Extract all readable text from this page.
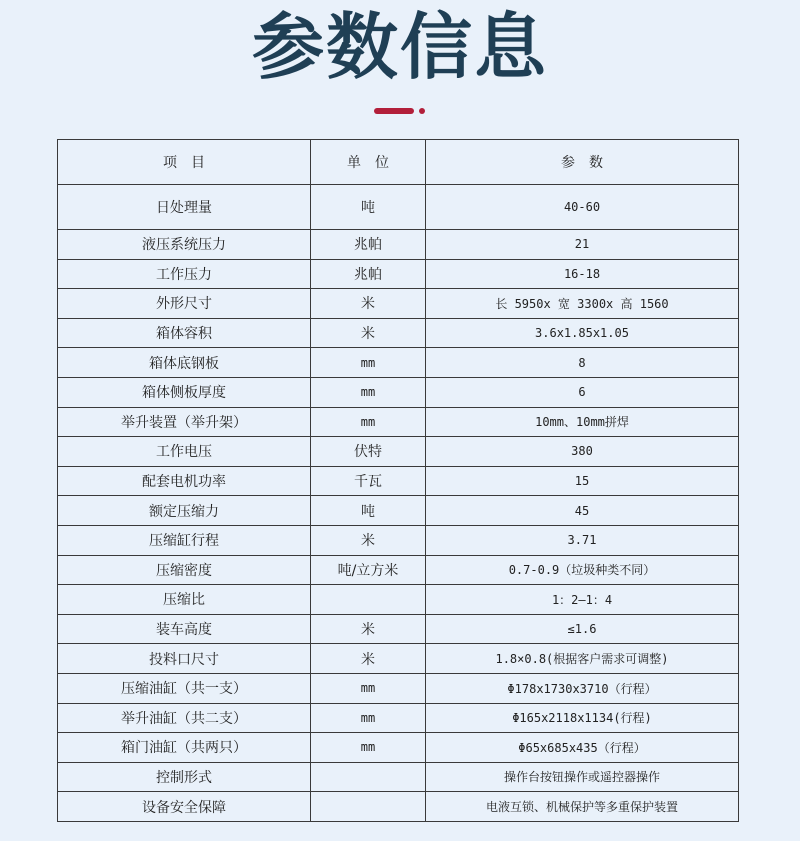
参数信息
项　目	单　位	参　数
日处理量	吨	40-60
液压系统压力	兆帕	21
工作压力	兆帕	16-18
外形尺寸	米	长 5950x 宽 3300x 高 1560
箱体容积	米	3.6x1.85x1.05
箱体底钢板	mm	8
箱体侧板厚度	mm	6
举升装置（举升架）	mm	10mm、10mm拼焊
工作电压	伏特	380
配套电机功率	千瓦	15
额定压缩力	吨	45
压缩缸行程	米	3.71
压缩密度	吨/立方米	0.7-0.9（垃圾种类不同）
压缩比		1：2—1：4
装车高度	米	≤1.6
投料口尺寸	米	1.8×0.8(根据客户需求可调整)
压缩油缸（共一支）	mm	Φ178x1730x3710（行程）
举升油缸（共二支）	mm	Φ165x2118x1134(行程)
箱门油缸（共两只）	mm	Φ65x685x435（行程）
控制形式		操作台按钮操作或遥控器操作
设备安全保障		电液互锁、机械保护等多重保护装置
